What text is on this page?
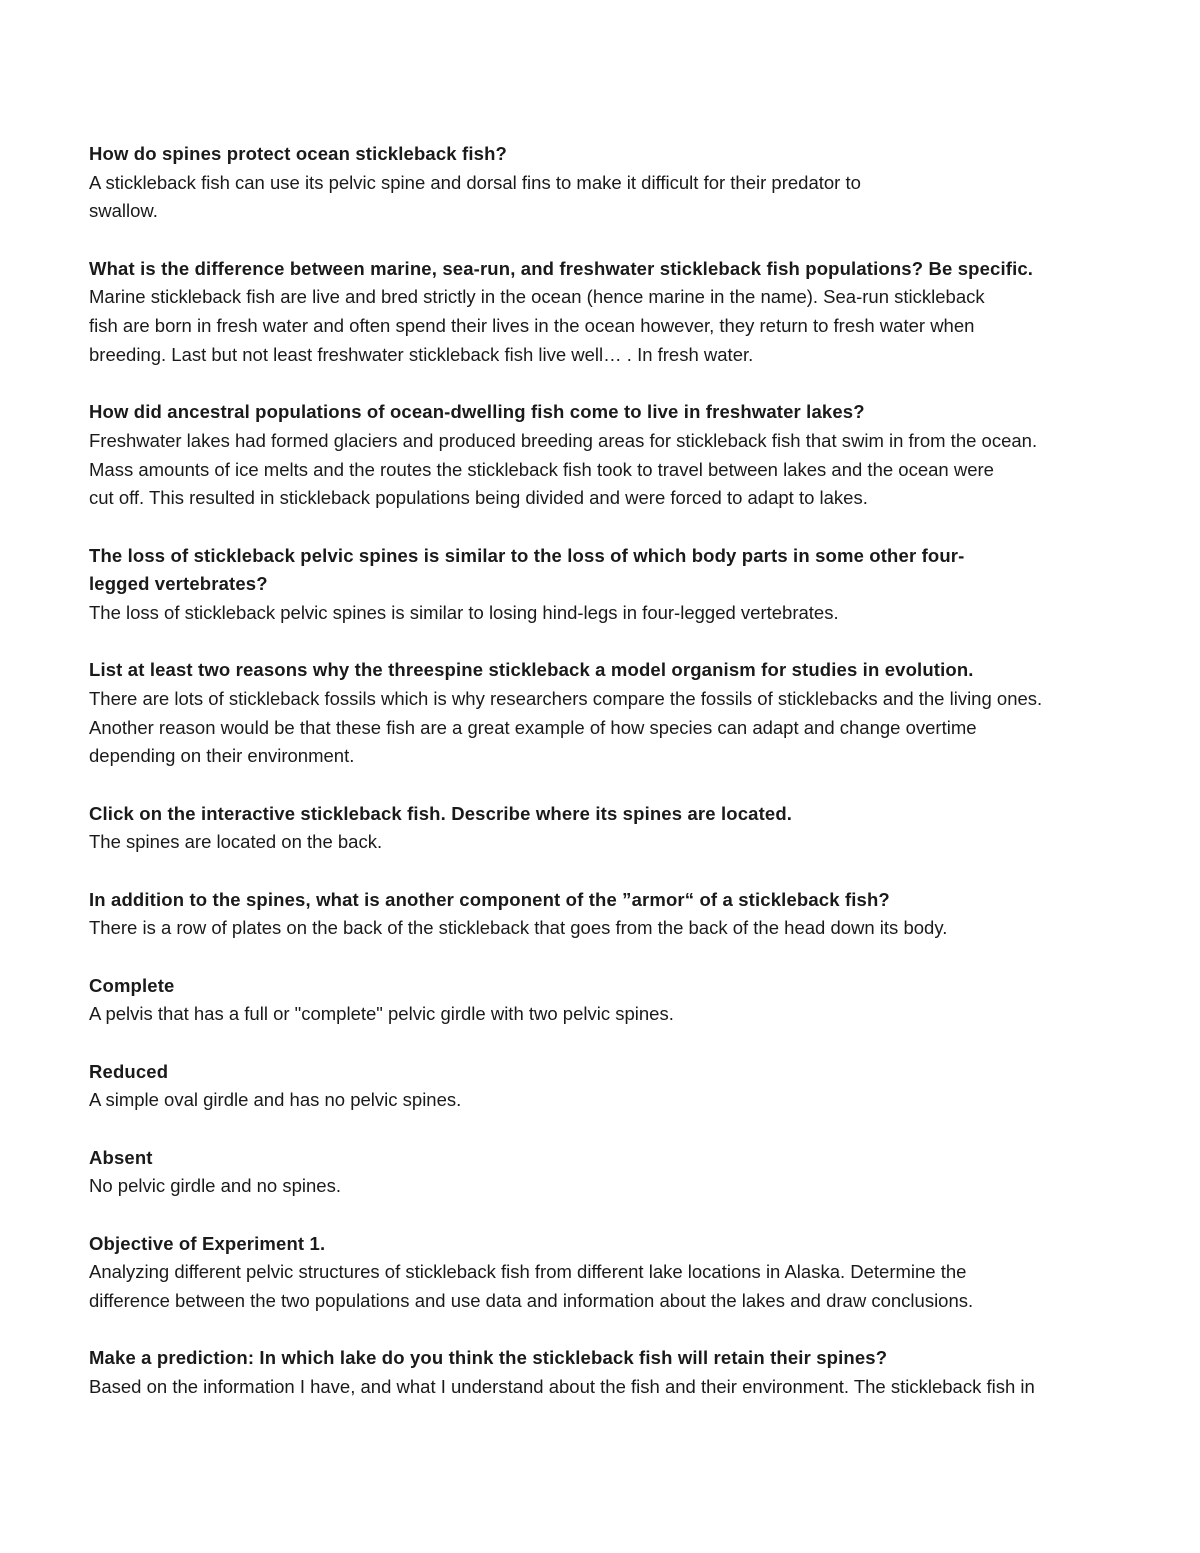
How do spines protect ocean stickleback fish?
A stickleback fish can use its pelvic spine and dorsal fins to make it difficult for their predator to
swallow.
What is the difference between marine, sea-run, and freshwater stickleback fish populations? Be specific.
Marine stickleback fish are live and bred strictly in the ocean (hence marine in the name). Sea-run stickleback
fish are born in fresh water and often spend their lives in the ocean however, they return to fresh water when
breeding. Last but not least freshwater stickleback fish live well… . In fresh water.
How did ancestral populations of ocean-dwelling fish come to live in freshwater lakes?
Freshwater lakes had formed glaciers and produced breeding areas for stickleback fish that swim in from the ocean.
Mass amounts of ice melts and the routes the stickleback fish took to travel between lakes and the ocean were
cut off. This resulted in stickleback populations being divided and were forced to adapt to lakes.
The loss of stickleback pelvic spines is similar to the loss of which body parts in some other four-
legged vertebrates?
The loss of stickleback pelvic spines is similar to losing hind-legs in four-legged vertebrates.
List at least two reasons why the threespine stickleback a model organism for studies in evolution.
There are lots of stickleback fossils which is why researchers compare the fossils of sticklebacks and the living ones.
Another reason would be that these fish are a great example of how species can adapt and change overtime
depending on their environment.
Click on the interactive stickleback fish. Describe where its spines are located.
The spines are located on the back.
In addition to the spines, what is another component of the ”armor“ of a stickleback fish?
There is a row of plates on the back of the stickleback that goes from the back of the head down its body.
Complete
A pelvis that has a full or "complete" pelvic girdle with two pelvic spines.
Reduced
A simple oval girdle and has no pelvic spines.
Absent
No pelvic girdle and no spines.
Objective of Experiment 1.
Analyzing different pelvic structures of stickleback fish from different lake locations in Alaska. Determine the
difference between the two populations and use data and information about the lakes and draw conclusions.
Make a prediction: In which lake do you think the stickleback fish will retain their spines?
Based on the information I have, and what I understand about the fish and their environment. The stickleback fish in
